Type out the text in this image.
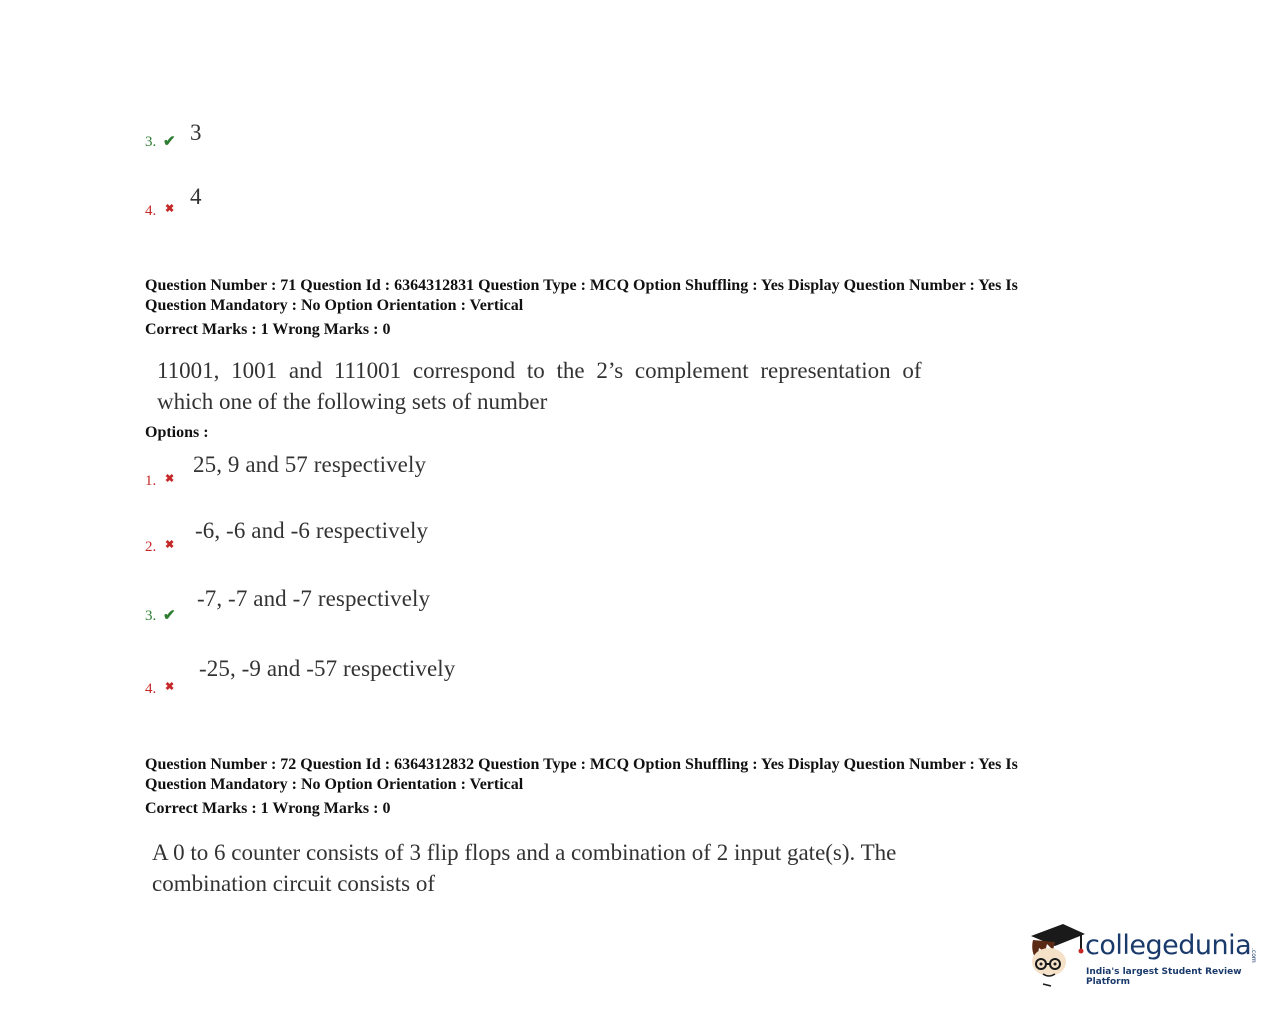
3. ✔ 3
4. ✖ 4
Question Number : 71 Question Id : 6364312831 Question Type : MCQ Option Shuffling : Yes Display Question Number : Yes Is
Question Mandatory : No Option Orientation : Vertical
Correct Marks : 1 Wrong Marks : 0
11001, 1001 and 111001 correspond to the 2’s complement representation of
which one of the following sets of number
Options :
1. ✖
25, 9 and 57 respectively
2. ✖
-6, -6 and -6 respectively
3. ✔
-7, -7 and -7 respectively
4. ✖
-25, -9 and -57 respectively
Question Number : 72 Question Id : 6364312832 Question Type : MCQ Option Shuffling : Yes Display Question Number : Yes Is
Question Mandatory : No Option Orientation : Vertical
Correct Marks : 1 Wrong Marks : 0
A 0 to 6 counter consists of 3 flip flops and a combination of 2 input gate(s). The
combination circuit consists of
collegedunia
.com
India's largest Student Review Platform
